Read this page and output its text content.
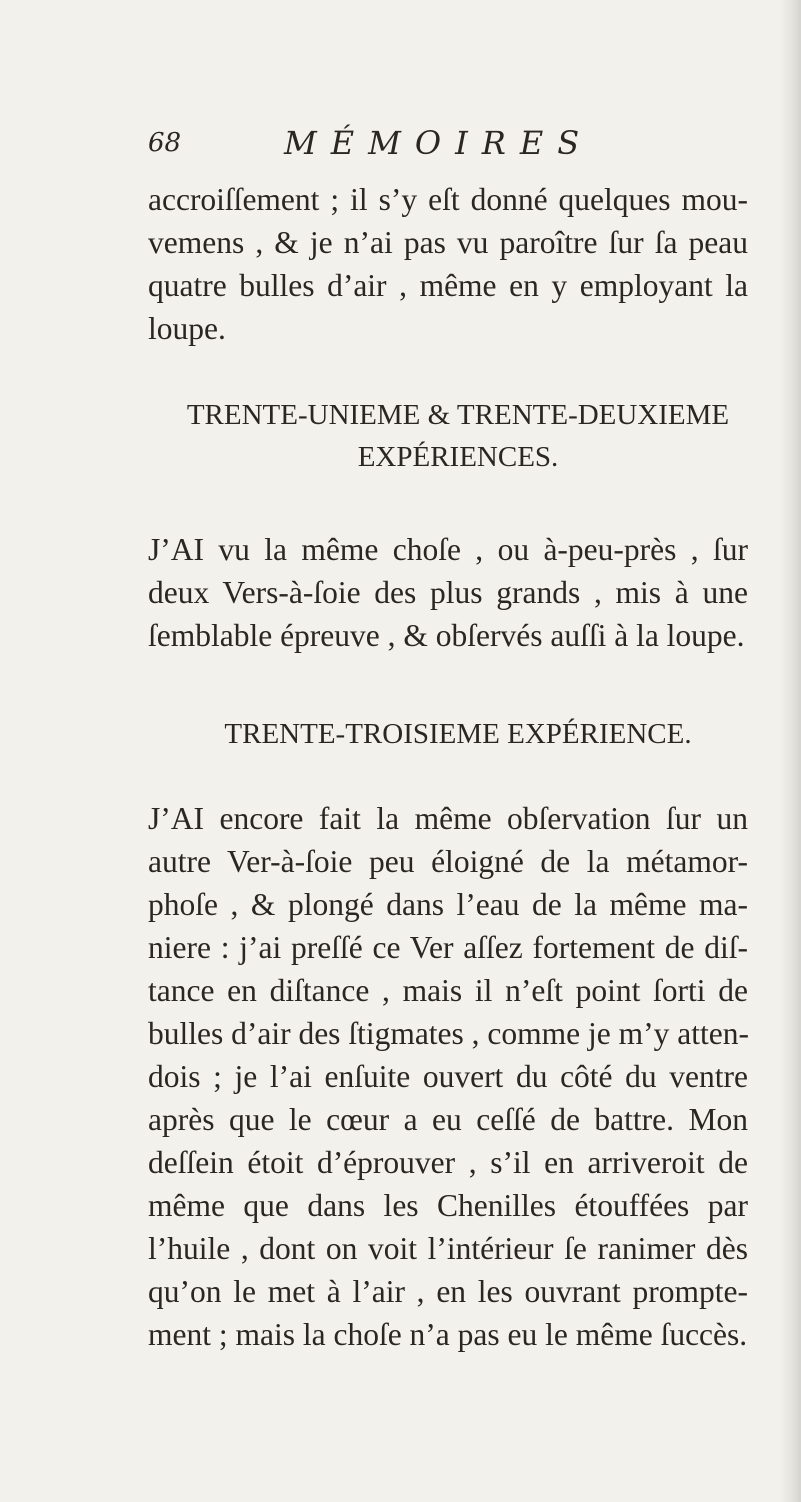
68	MÉMOIRES

accroiſſement ; il s’y eſt donné quelques mou-
vemens , & je n’ai pas vu paroître ſur ſa peau
quatre bulles d’air , même en y employant la
loupe.

TRENTE-UNIEME & TRENTE-DEUXIEME
EXPÉRIENCES.

J’AI vu la même choſe , ou à-peu-près , ſur
deux Vers-à-ſoie des plus grands , mis à une
ſemblable épreuve , & obſervés auſſi à la loupe.

TRENTE-TROISIEME EXPÉRIENCE.

J’AI encore fait la même obſervation ſur un
autre Ver-à-ſoie peu éloigné de la métamor-
phoſe , & plongé dans l’eau de la même ma-
niere : j’ai preſſé ce Ver aſſez fortement de diſ-
tance en diſtance , mais il n’eſt point ſorti de
bulles d’air des ſtigmates , comme je m’y atten-
dois ; je l’ai enſuite ouvert du côté du ventre
après que le cœur a eu ceſſé de battre. Mon
deſſein étoit d’éprouver , s’il en arriveroit de
même que dans les Chenilles étouffées par
l’huile , dont on voit l’intérieur ſe ranimer dès
qu’on le met à l’air , en les ouvrant prompte-
ment ; mais la choſe n’a pas eu le même ſuccès.
